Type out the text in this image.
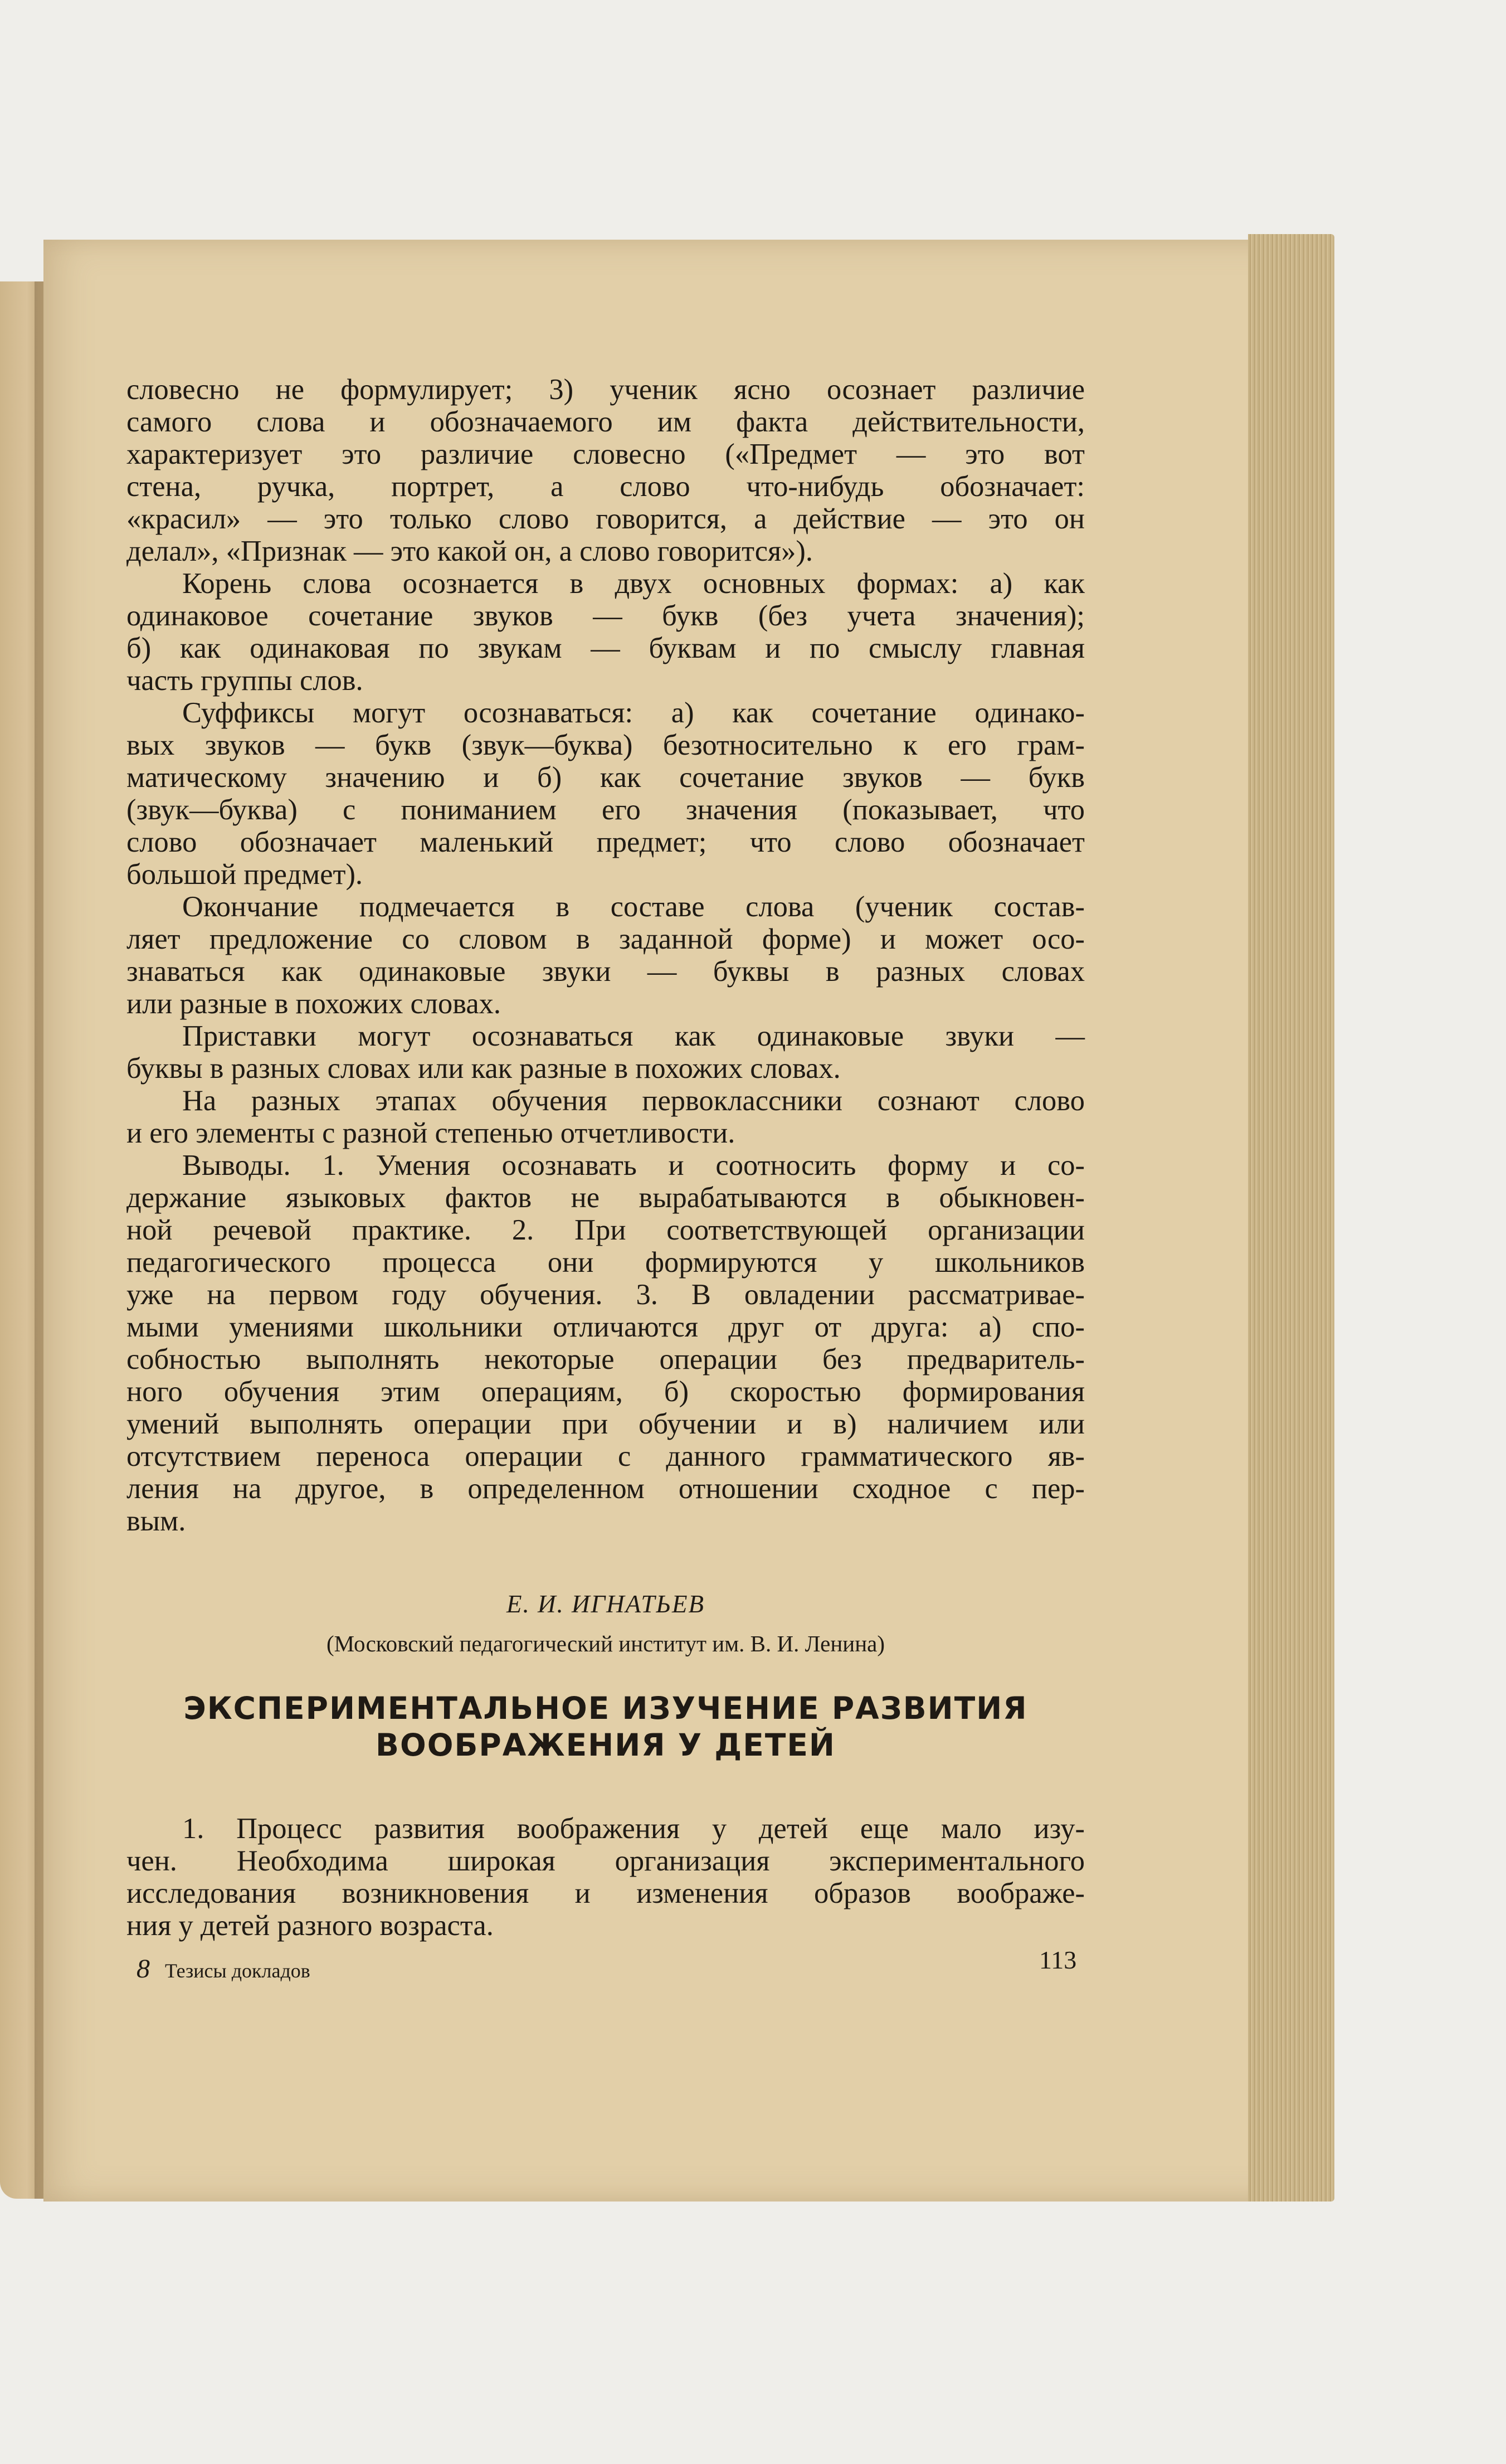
словесно не формулирует; 3) ученик ясно осознает различие
самого слова и обозначаемого им факта действительности,
характеризует это различие словесно («Предмет — это вот
стена, ручка, портрет, а слово что-нибудь обозначает:
«красил» — это только слово говорится, а действие — это он
делал», «Признак — это какой он, а слово говорится»).
Корень слова осознается в двух основных формах: а) как
одинаковое сочетание звуков — букв (без учета значения);
б) как одинаковая по звукам — буквам и по смыслу главная
часть группы слов.
Суффиксы могут осознаваться: а) как сочетание одинако-
вых звуков — букв (звук—буква) безотносительно к его грам-
матическому значению и б) как сочетание звуков — букв
(звук—буква) с пониманием его значения (показывает, что
слово обозначает маленький предмет; что слово обозначает
большой предмет).
Окончание подмечается в составе слова (ученик состав-
ляет предложение со словом в заданной форме) и может осо-
знаваться как одинаковые звуки — буквы в разных словах
или разные в похожих словах.
Приставки могут осознаваться как одинаковые звуки —
буквы в разных словах или как разные в похожих словах.
На разных этапах обучения первоклассники сознают слово
и его элементы с разной степенью отчетливости.
Выводы. 1. Умения осознавать и соотносить форму и со-
держание языковых фактов не вырабатываются в обыкновен-
ной речевой практике. 2. При соответствующей организации
педагогического процесса они формируются у школьников
уже на первом году обучения. 3. В овладении рассматривае-
мыми умениями школьники отличаются друг от друга: а) спо-
собностью выполнять некоторые операции без предваритель-
ного обучения этим операциям, б) скоростью формирования
умений выполнять операции при обучении и в) наличием или
отсутствием переноса операции с данного грамматического яв-
ления на другое, в определенном отношении сходное с пер-
вым.
Е. И. ИГНАТЬЕВ
(Московский педагогический институт им. В. И. Ленина)
ЭКСПЕРИМЕНТАЛЬНОЕ ИЗУЧЕНИЕ РАЗВИТИЯ
ВООБРАЖЕНИЯ У ДЕТЕЙ
1. Процесс развития воображения у детей еще мало изу-
чен. Необходима широкая организация экспериментального
исследования возникновения и изменения образов воображе-
ния у детей разного возраста.
8 Тезисы докладов	113
